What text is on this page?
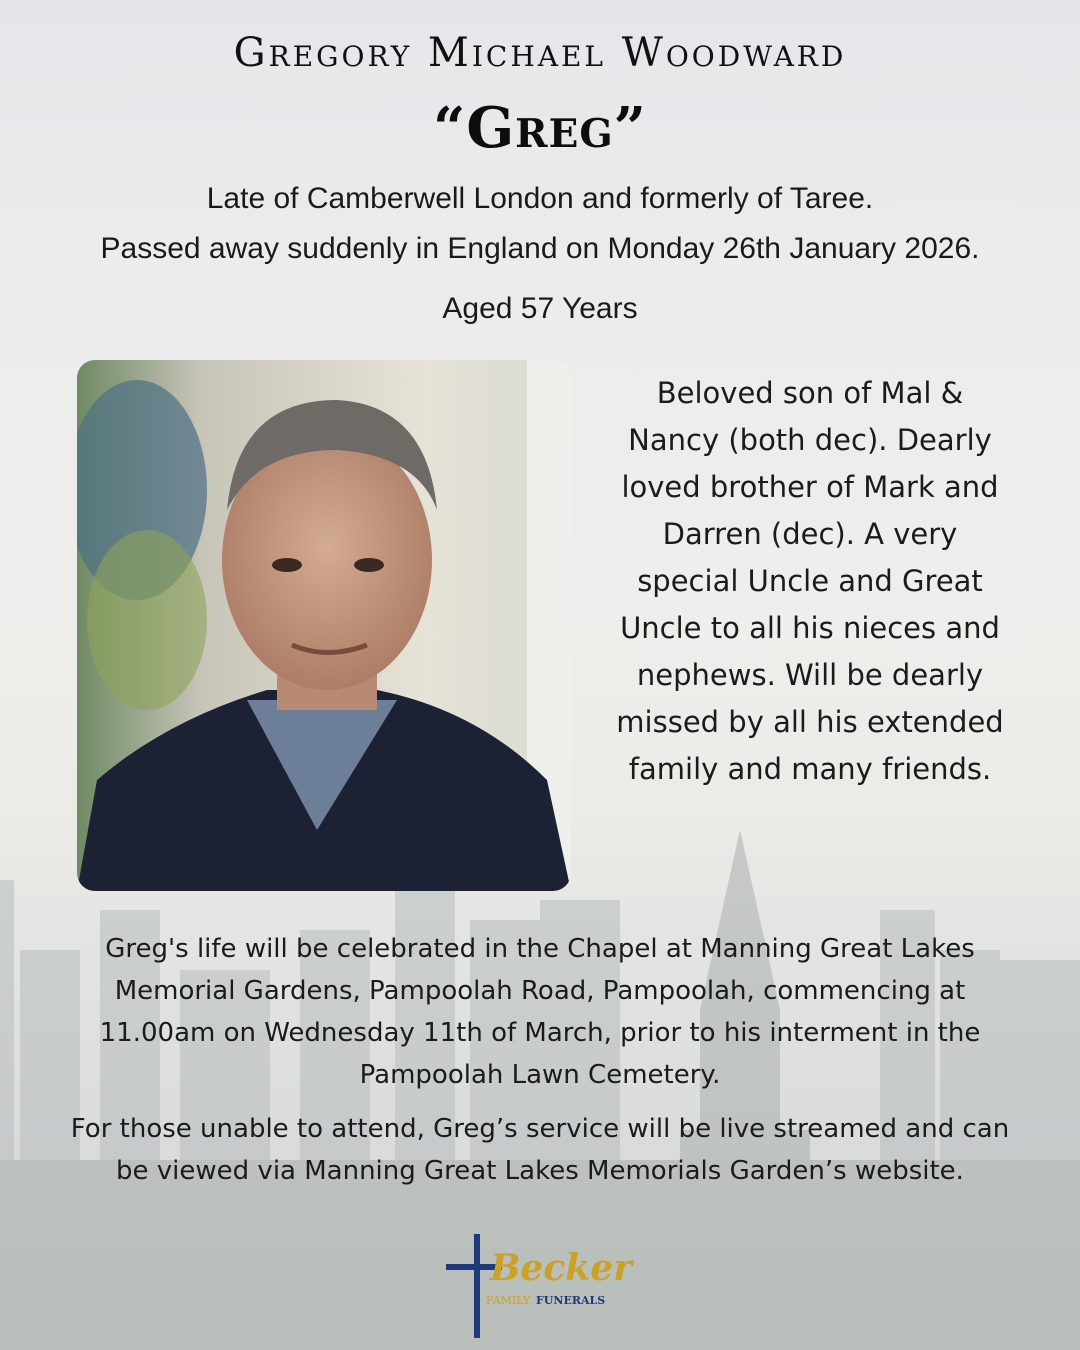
Gregory Michael Woodward
“Greg”
Late of Camberwell London and formerly of Taree.
Passed away suddenly in England on Monday 26th January 2026.
Aged 57 Years
Beloved son of Mal & Nancy (both dec). Dearly loved brother of Mark and Darren (dec). A very special Uncle and Great Uncle to all his nieces and nephews. Will be dearly missed by all his extended family and many friends.
Greg's life will be celebrated in the Chapel at Manning Great Lakes Memorial Gardens, Pampoolah Road, Pampoolah, commencing at 11.00am on Wednesday 11th of March, prior to his interment in the Pampoolah Lawn Cemetery.
For those unable to attend, Greg’s service will be live streamed and can be viewed via Manning Great Lakes Memorials Garden’s website.
Becker
FAMILY FUNERALS
